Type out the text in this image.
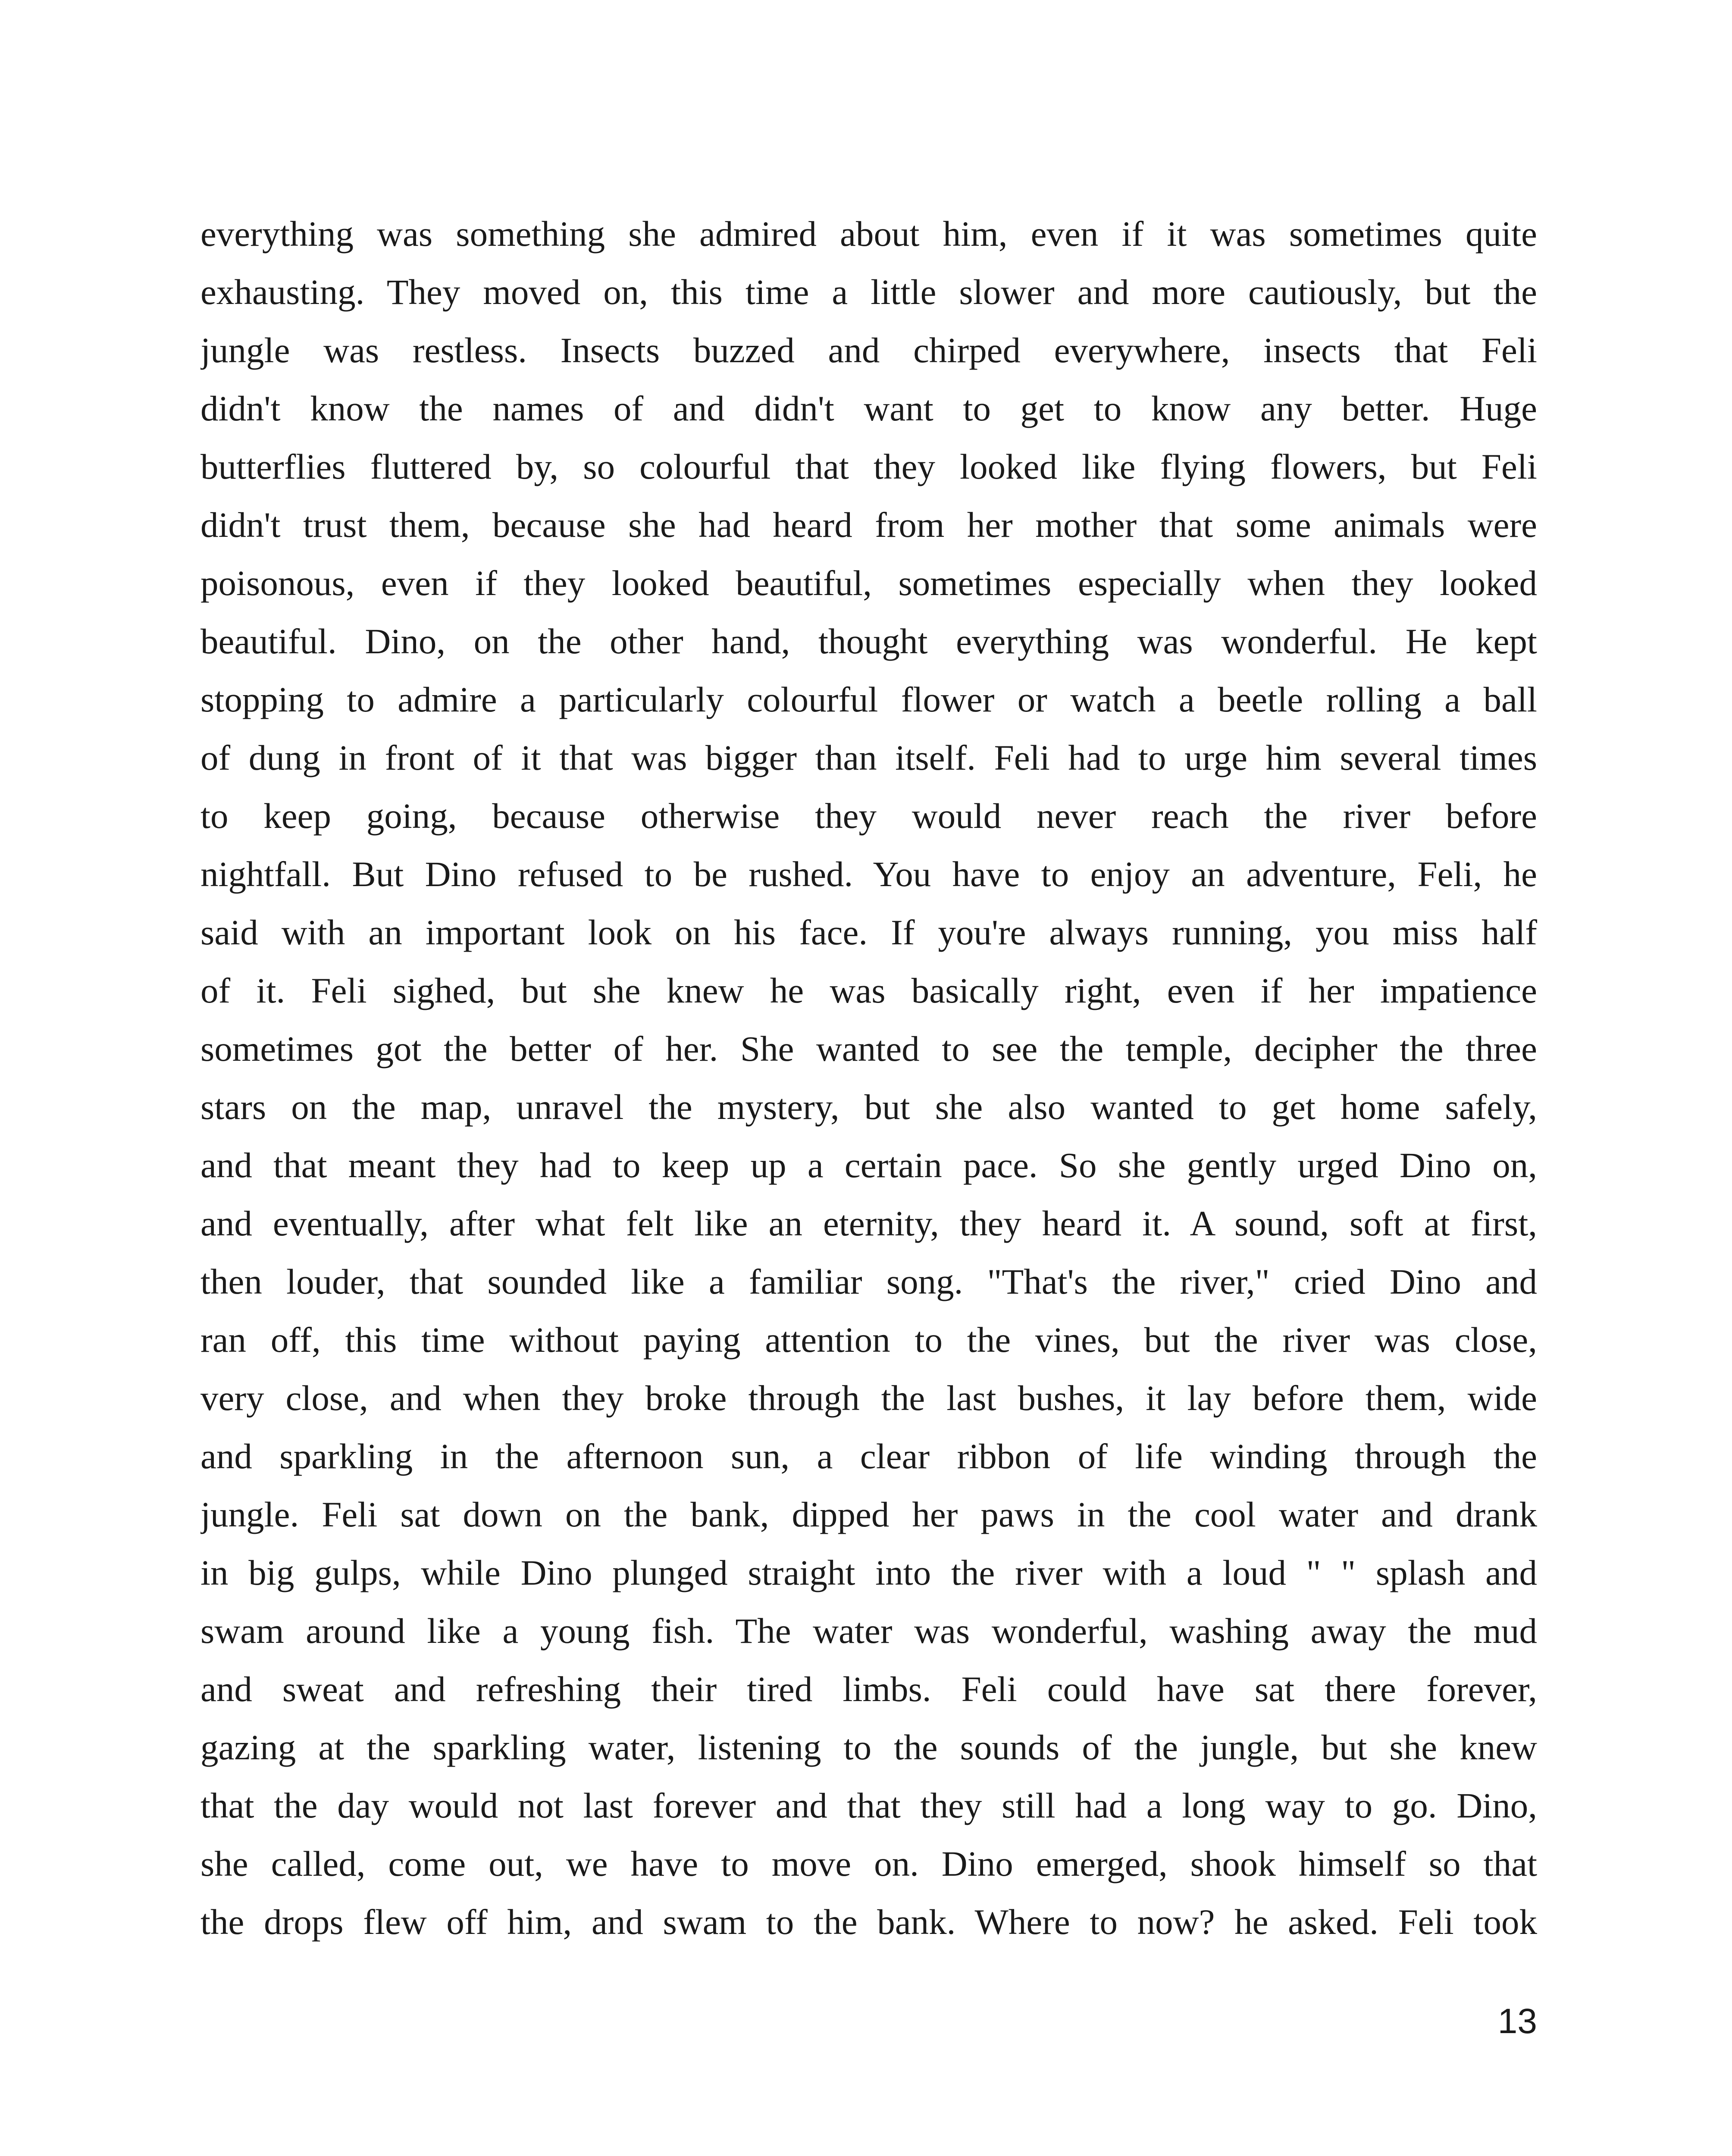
everything was something she admired about him, even if it was sometimes quite
exhausting. They moved on, this time a little slower and more cautiously, but the
jungle was restless. Insects buzzed and chirped everywhere, insects that Feli
didn't know the names of and didn't want to get to know any better. Huge
butterflies fluttered by, so colourful that they looked like flying flowers, but Feli
didn't trust them, because she had heard from her mother that some animals were
poisonous, even if they looked beautiful, sometimes especially when they looked
beautiful. Dino, on the other hand, thought everything was wonderful. He kept
stopping to admire a particularly colourful flower or watch a beetle rolling a ball
of dung in front of it that was bigger than itself. Feli had to urge him several times
to keep going, because otherwise they would never reach the river before
nightfall. But Dino refused to be rushed. You have to enjoy an adventure, Feli, he
said with an important look on his face. If you're always running, you miss half
of it. Feli sighed, but she knew he was basically right, even if her impatience
sometimes got the better of her. She wanted to see the temple, decipher the three
stars on the map, unravel the mystery, but she also wanted to get home safely,
and that meant they had to keep up a certain pace. So she gently urged Dino on,
and eventually, after what felt like an eternity, they heard it. A sound, soft at first,
then louder, that sounded like a familiar song. "That's the river," cried Dino and
ran off, this time without paying attention to the vines, but the river was close,
very close, and when they broke through the last bushes, it lay before them, wide
and sparkling in the afternoon sun, a clear ribbon of life winding through the
jungle. Feli sat down on the bank, dipped her paws in the cool water and drank
in big gulps, while Dino plunged straight into the river with a loud " " splash and
swam around like a young fish. The water was wonderful, washing away the mud
and sweat and refreshing their tired limbs. Feli could have sat there forever,
gazing at the sparkling water, listening to the sounds of the jungle, but she knew
that the day would not last forever and that they still had a long way to go. Dino,
she called, come out, we have to move on. Dino emerged, shook himself so that
the drops flew off him, and swam to the bank. Where to now? he asked. Feli took
13
